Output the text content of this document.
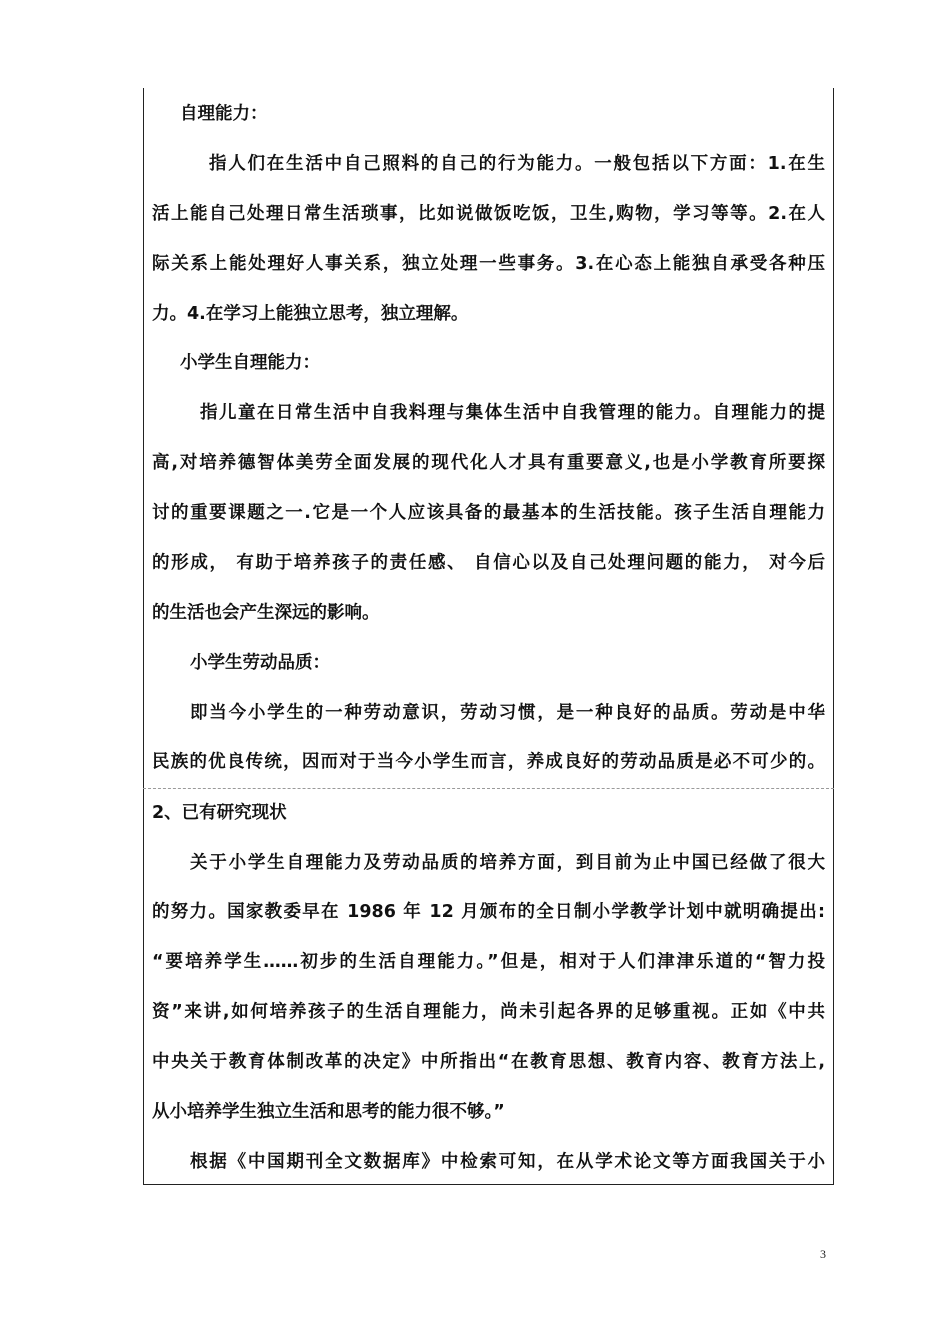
自理能力：

指人们在生活中自己照料的自己的行为能力。一般包括以下方面：1.在生

活上能自己处理日常生活琐事，比如说做饭吃饭，卫生,购物，学习等等。2.在人

际关系上能处理好人事关系，独立处理一些事务。3.在心态上能独自承受各种压

力。4.在学习上能独立思考，独立理解。

小学生自理能力：

指儿童在日常生活中自我料理与集体生活中自我管理的能力。自理能力的提

高,对培养德智体美劳全面发展的现代化人才具有重要意义,也是小学教育所要探

讨的重要课题之一.它是一个人应该具备的最基本的生活技能。孩子生活自理能力

的形成， 有助于培养孩子的责任感、 自信心以及自己处理问题的能力， 对今后

的生活也会产生深远的影响。

小学生劳动品质：

即当今小学生的一种劳动意识，劳动习惯，是一种良好的品质。劳动是中华

民族的优良传统，因而对于当今小学生而言，养成良好的劳动品质是必不可少的。

2、已有研究现状

关于小学生自理能力及劳动品质的培养方面，到目前为止中国已经做了很大

的努力。国家教委早在 1986 年 12 月颁布的全日制小学教学计划中就明确提出:

“要培养学生……初步的生活自理能力。”但是，相对于人们津津乐道的“智力投

资”来讲,如何培养孩子的生活自理能力，尚未引起各界的足够重视。正如《中共

中央关于教育体制改革的决定》中所指出“在教育思想、教育内容、教育方法上,

从小培养学生独立生活和思考的能力很不够。”

根据《中国期刊全文数据库》中检索可知，在从学术论文等方面我国关于小

3
